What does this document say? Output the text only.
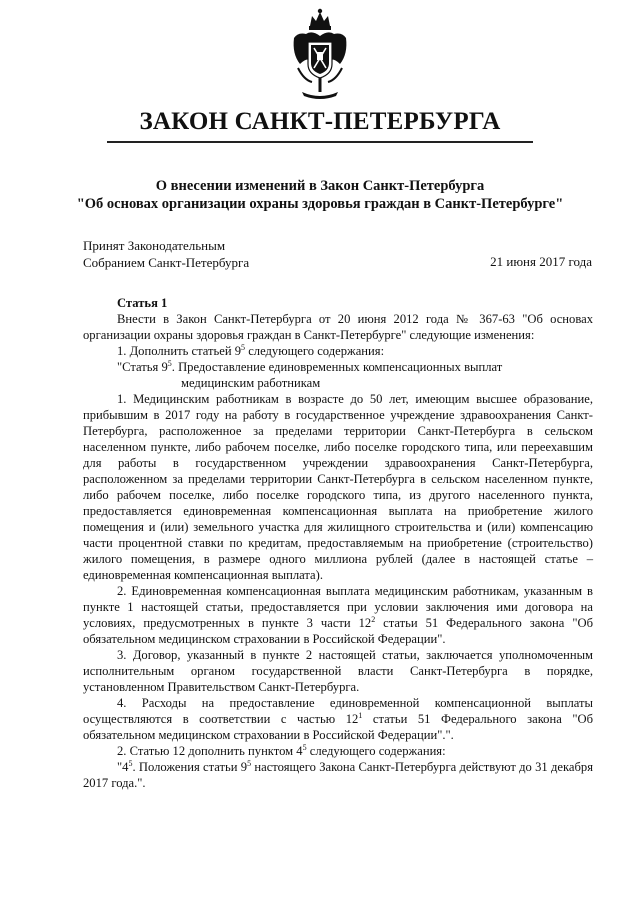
ЗАКОН САНКТ-ПЕТЕРБУРГА
О внесении изменений в Закон Санкт-Петербурга
"Об основах организации охраны здоровья граждан в Санкт-Петербурге"
Принят Законодательным
Собранием Санкт-Петербурга	21 июня 2017 года

Статья 1

Внести в Закон Санкт-Петербурга от 20 июня 2012 года № 367-63 "Об основах организации охраны здоровья граждан в Санкт-Петербурге" следующие изменения:

1. Дополнить статьей $9^5$ следующего содержания:

"Статья $9^5$. Предоставление единовременных компенсационных выплат

медицинским работникам

1. Медицинским работникам в возрасте до 50 лет, имеющим высшее образование, прибывшим в 2017 году на работу в государственное учреждение здравоохранения Санкт-Петербурга, расположенное за пределами территории Санкт-Петербурга в сельском населенном пункте, либо рабочем поселке, либо поселке городского типа, или переехавшим для работы в государственном учреждении здравоохранения Санкт-Петербурга, расположенном за пределами территории Санкт-Петербурга в сельском населенном пункте, либо рабочем поселке, либо поселке городского типа, из другого населенного пункта, предоставляется единовременная компенсационная выплата на приобретение жилого помещения и (или) земельного участка для жилищного строительства и (или) компенсацию части процентной ставки по кредитам, предоставляемым на приобретение (строительство) жилого помещения, в размере одного миллиона рублей (далее в настоящей статье – единовременная компенсационная выплата).

2. Единовременная компенсационная выплата медицинским работникам, указанным в пункте 1 настоящей статьи, предоставляется при условии заключения ими договора на условиях, предусмотренных в пункте 3 части $12^2$ статьи 51 Федерального закона "Об обязательном медицинском страховании в Российской Федерации".

3. Договор, указанный в пункте 2 настоящей статьи, заключается уполномоченным исполнительным органом государственной власти Санкт-Петербурга в порядке, установленном Правительством Санкт-Петербурга.

4. Расходы на предоставление единовременной компенсационной выплаты осуществляются в соответствии с частью $12^1$ статьи 51 Федерального закона "Об обязательном медицинском страховании в Российской Федерации".".

2. Статью 12 дополнить пунктом $4^5$ следующего содержания:

"$4^5$. Положения статьи $9^5$ настоящего Закона Санкт-Петербурга действуют до 31 декабря 2017 года.".
